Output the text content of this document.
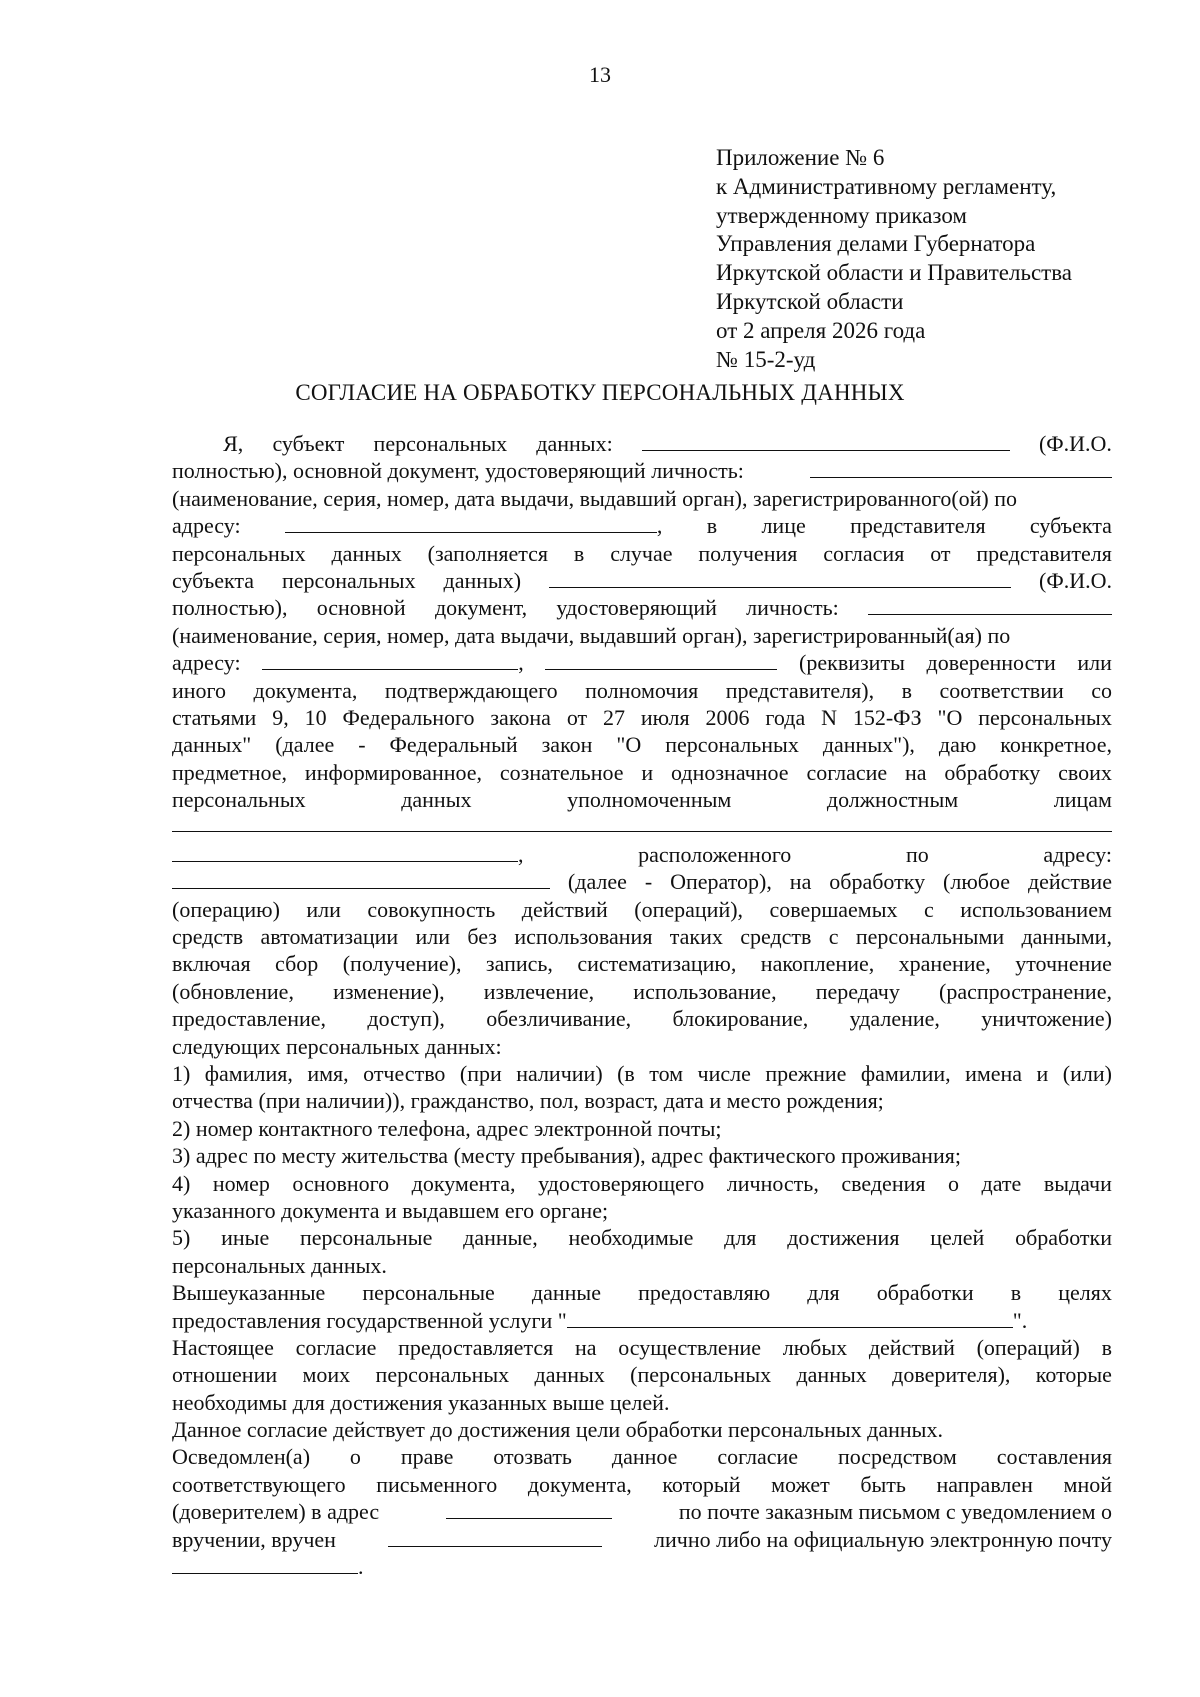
13
Приложение № 6
к Административному регламенту,
утвержденному приказом
Управления делами Губернатора
Иркутской области и Правительства
Иркутской области
от 2 апреля 2026 года
№ 15-2-уд
СОГЛАСИЕ НА ОБРАБОТКУ ПЕРСОНАЛЬНЫХ ДАННЫХ
Я, субъект персональных данных:	(Ф.И.О.
полностью), основной документ, удостоверяющий личность:
(наименование, серия, номер, дата выдачи, выдавший орган), зарегистрированного(ой) по
адресу:	, в лице представителя субъекта
персональных данных (заполняется в случае получения согласия от представителя
субъекта персональных данных)	(Ф.И.О.
полностью), основной документ, удостоверяющий личность:
(наименование, серия, номер, дата выдачи, выдавший орган), зарегистрированный(ая) по
адресу:	,	(реквизиты доверенности или
иного документа, подтверждающего полномочия представителя), в соответствии со
статьями 9, 10 Федерального закона от 27 июля 2006 года N 152-ФЗ "О персональных
данных" (далее - Федеральный закон "О персональных данных"), даю конкретное,
предметное, информированное, сознательное и однозначное согласие на обработку своих
персональных	данных	уполномоченным	должностным	лицам
,	расположенного	по	адресу:
(далее - Оператор), на обработку (любое действие
(операцию) или совокупность действий (операций), совершаемых с использованием
средств автоматизации или без использования таких средств с персональными данными,
включая сбор (получение), запись, систематизацию, накопление, хранение, уточнение
(обновление, изменение), извлечение, использование, передачу (распространение,
предоставление, доступ), обезличивание, блокирование, удаление, уничтожение)
следующих персональных данных:
1) фамилия, имя, отчество (при наличии) (в том числе прежние фамилии, имена и (или)
отчества (при наличии)), гражданство, пол, возраст, дата и место рождения;
2) номер контактного телефона, адрес электронной почты;
3) адрес по месту жительства (месту пребывания), адрес фактического проживания;
4) номер основного документа, удостоверяющего личность, сведения о дате выдачи
указанного документа и выдавшем его органе;
5) иные персональные данные, необходимые для достижения целей обработки
персональных данных.
Вышеуказанные персональные данные предоставляю для обработки в целях
предоставления государственной услуги "	".
Настоящее согласие предоставляется на осуществление любых действий (операций) в
отношении моих персональных данных (персональных данных доверителя), которые
необходимы для достижения указанных выше целей.
Данное согласие действует до достижения цели обработки персональных данных.
Осведомлен(а) о праве отозвать данное согласие посредством составления
соответствующего письменного документа, который может быть направлен мной
(доверителем) в адрес	по почте заказным письмом с уведомлением о
вручении, вручен	лично либо на официальную электронную почту
.
